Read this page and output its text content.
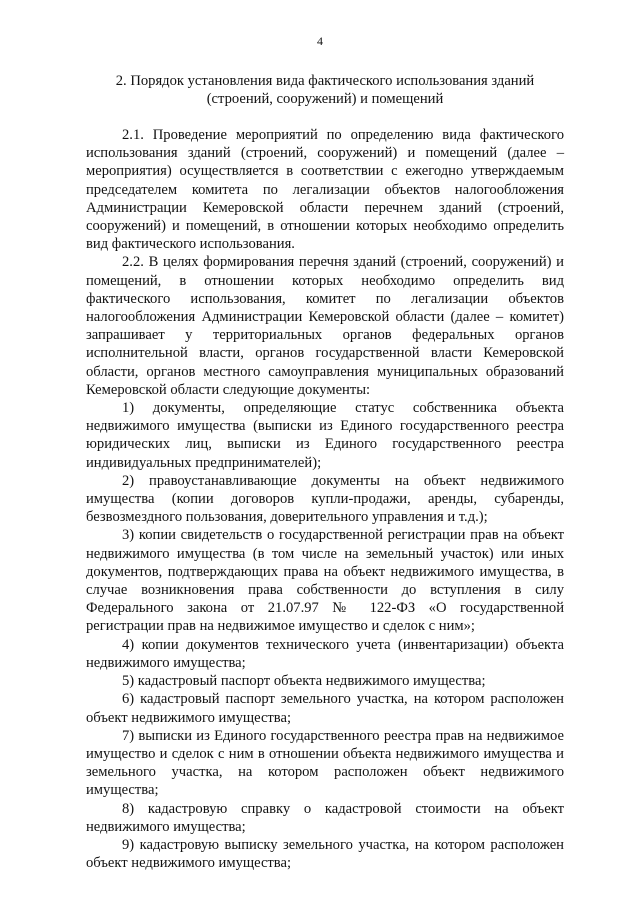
4
2. Порядок установления вида фактического использования зданий
(строений, сооружений) и помещений

2.1. Проведение мероприятий по определению вида фактического использования зданий (строений, сооружений) и помещений (далее – мероприятия) осуществляется в соответствии с ежегодно утверждаемым председателем комитета по легализации объектов налогообложения Администрации Кемеровской области перечнем зданий (строений, сооружений) и помещений, в отношении которых необходимо определить вид фактического использования.

2.2. В целях формирования перечня зданий (строений, сооружений) и помещений, в отношении которых необходимо определить вид фактического использования, комитет по легализации объектов налогообложения Администрации Кемеровской области (далее – комитет) запрашивает у территориальных органов федеральных органов исполнительной власти, органов государственной власти Кемеровской области, органов местного самоуправления муниципальных образований Кемеровской области следующие документы:

1) документы, определяющие статус собственника объекта недвижимого имущества (выписки из Единого государственного реестра юридических лиц, выписки из Единого государственного реестра индивидуальных предпринимателей);

2) правоустанавливающие документы на объект недвижимого имущества (копии договоров купли-продажи, аренды, субаренды, безвозмездного пользования, доверительного управления и т.д.);

3) копии свидетельств о государственной регистрации прав на объект недвижимого имущества (в том числе на земельный участок) или иных документов, подтверждающих права на объект недвижимого имущества, в случае возникновения права собственности до вступления в силу Федерального закона от 21.07.97 № 122-ФЗ «О государственной регистрации прав на недвижимое имущество и сделок с ним»;

4) копии документов технического учета (инвентаризации) объекта недвижимого имущества;

5) кадастровый паспорт объекта недвижимого имущества;

6) кадастровый паспорт земельного участка, на котором расположен объект недвижимого имущества;

7) выписки из Единого государственного реестра прав на недвижимое имущество и сделок с ним в отношении объекта недвижимого имущества и земельного участка, на котором расположен объект недвижимого имущества;

8) кадастровую справку о кадастровой стоимости на объект недвижимого имущества;

9) кадастровую выписку земельного участка, на котором расположен объект недвижимого имущества;
